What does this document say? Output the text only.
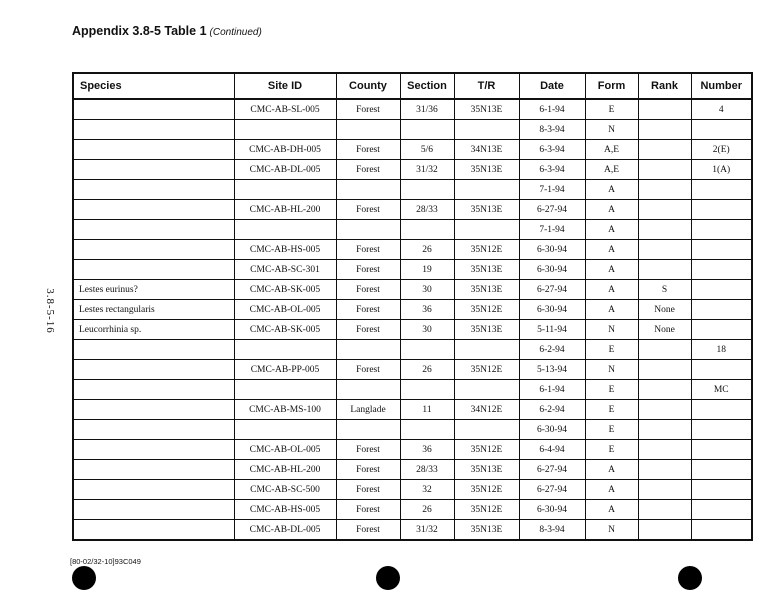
Appendix 3.8-5 Table 1 (Continued)
3.8-5-16
Species	Site ID	County	Section	T/R	Date	Form	Rank	Number
	CMC-AB-SL-005	Forest	31/36	35N13E	6-1-94	E		4
					8-3-94	N		
	CMC-AB-DH-005	Forest	5/6	34N13E	6-3-94	A,E		2(E)
	CMC-AB-DL-005	Forest	31/32	35N13E	6-3-94	A,E		1(A)
					7-1-94	A		
	CMC-AB-HL-200	Forest	28/33	35N13E	6-27-94	A		
					7-1-94	A		
	CMC-AB-HS-005	Forest	26	35N12E	6-30-94	A		
	CMC-AB-SC-301	Forest	19	35N13E	6-30-94	A		
Lestes eurinus?	CMC-AB-SK-005	Forest	30	35N13E	6-27-94	A	S	
Lestes rectangularis	CMC-AB-OL-005	Forest	36	35N12E	6-30-94	A	None	
Leucorrhinia sp.	CMC-AB-SK-005	Forest	30	35N13E	5-11-94	N	None	
					6-2-94	E		18
	CMC-AB-PP-005	Forest	26	35N12E	5-13-94	N		
					6-1-94	E		MC
	CMC-AB-MS-100	Langlade	11	34N12E	6-2-94	E		
					6-30-94	E		
	CMC-AB-OL-005	Forest	36	35N12E	6-4-94	E		
	CMC-AB-HL-200	Forest	28/33	35N13E	6-27-94	A		
	CMC-AB-SC-500	Forest	32	35N12E	6-27-94	A		
	CMC-AB-HS-005	Forest	26	35N12E	6-30-94	A		
	CMC-AB-DL-005	Forest	31/32	35N13E	8-3-94	N		
[80-02/32-10]93C049
